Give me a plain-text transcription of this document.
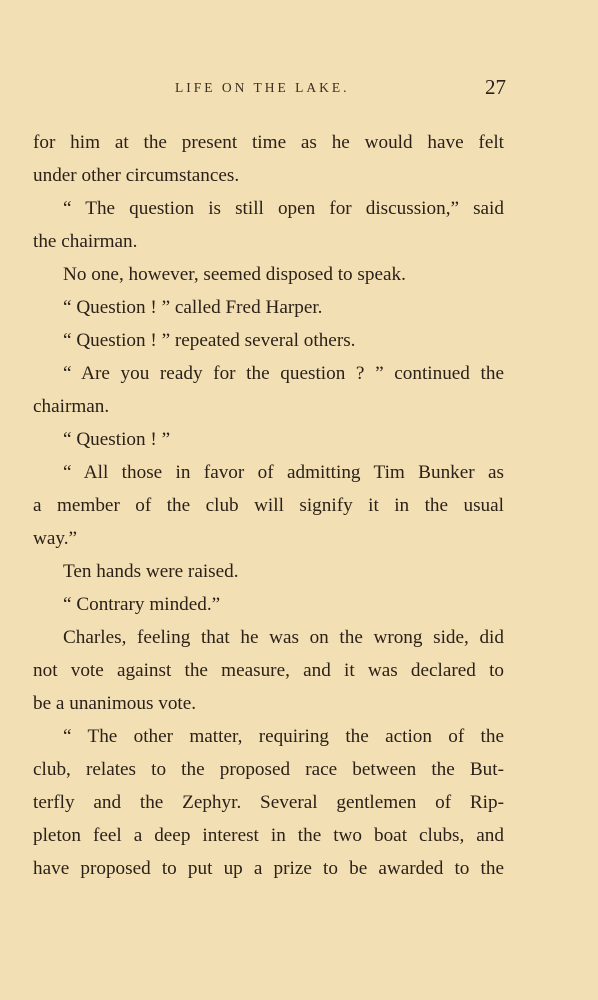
LIFE ON THE LAKE.	27
for him at the present time as he would have felt
under other circumstances.
“ The question is still open for discussion,” said
the chairman.
No one, however, seemed disposed to speak.
“ Question ! ” called Fred Harper.
“ Question ! ” repeated several others.
“ Are you ready for the question ? ” continued the
chairman.
“ Question ! ”
“ All those in favor of admitting Tim Bunker as
a member of the club will signify it in the usual
way.”
Ten hands were raised.
“ Contrary minded.”
Charles, feeling that he was on the wrong side, did
not vote against the measure, and it was declared to
be a unanimous vote.
“ The other matter, requiring the action of the
club, relates to the proposed race between the But-
terfly and the Zephyr. Several gentlemen of Rip-
pleton feel a deep interest in the two boat clubs, and
have proposed to put up a prize to be awarded to the
